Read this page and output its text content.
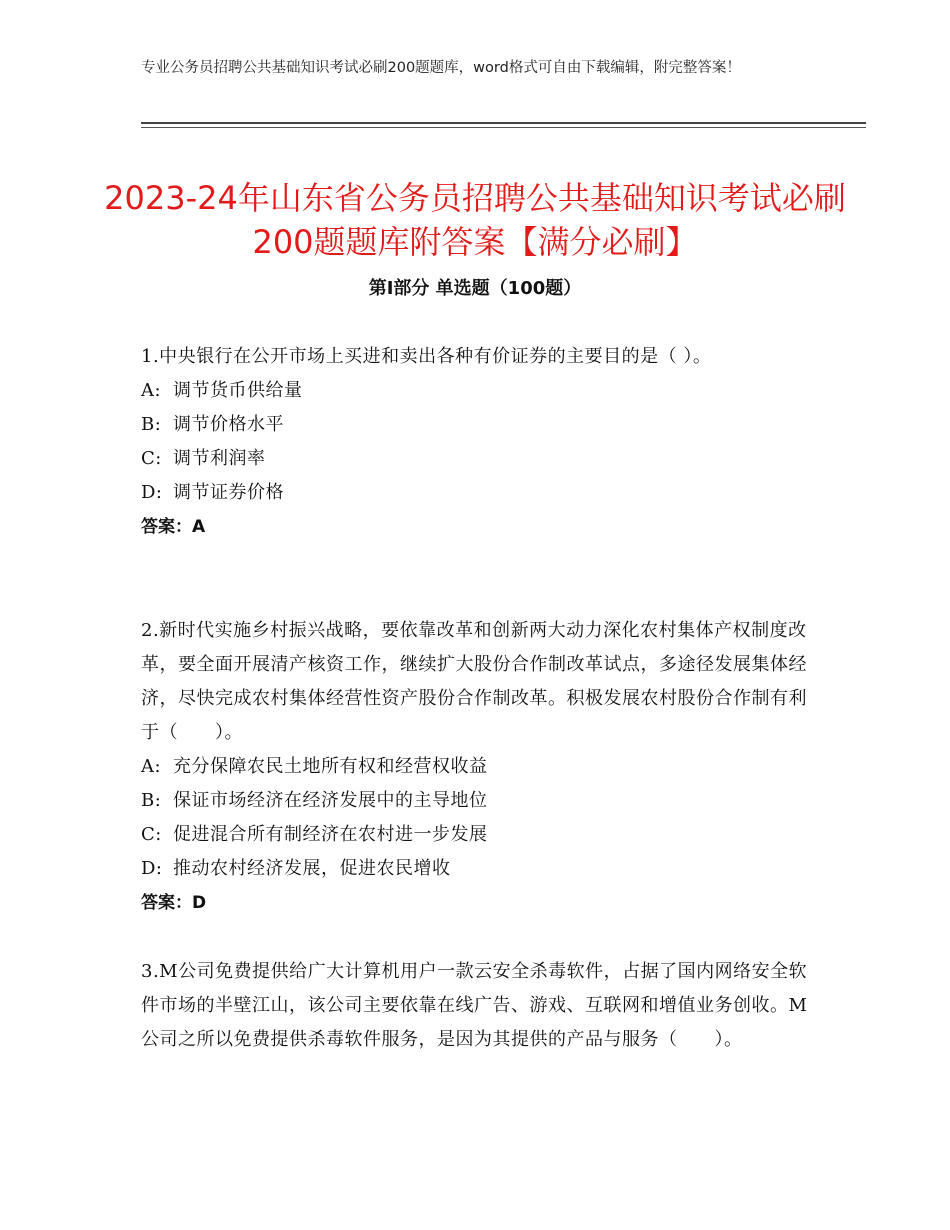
专业公务员招聘公共基础知识考试必刷200题题库，word格式可自由下载编辑，附完整答案！
2023-24年山东省公务员招聘公共基础知识考试必刷200题题库附答案【满分必刷】
第Ⅰ部分 单选题（100题）

1.中央银行在公开市场上买进和卖出各种有价证券的主要目的是（ ）。

A: 调节货币供给量

B: 调节价格水平

C: 调节利润率

D: 调节证券价格

答案：A

2.新时代实施乡村振兴战略，要依靠改革和创新两大动力深化农村集体产权制度改革，要全面开展清产核资工作，继续扩大股份合作制改革试点，多途径发展集体经济，尽快完成农村集体经营性资产股份合作制改革。积极发展农村股份合作制有利于（　　）。

A: 充分保障农民土地所有权和经营权收益

B: 保证市场经济在经济发展中的主导地位

C: 促进混合所有制经济在农村进一步发展

D: 推动农村经济发展，促进农民增收

答案：D

3.M公司免费提供给广大计算机用户一款云安全杀毒软件，占据了国内网络安全软件市场的半壁江山，该公司主要依靠在线广告、游戏、互联网和增值业务创收。M公司之所以免费提供杀毒软件服务，是因为其提供的产品与服务（　　）。
